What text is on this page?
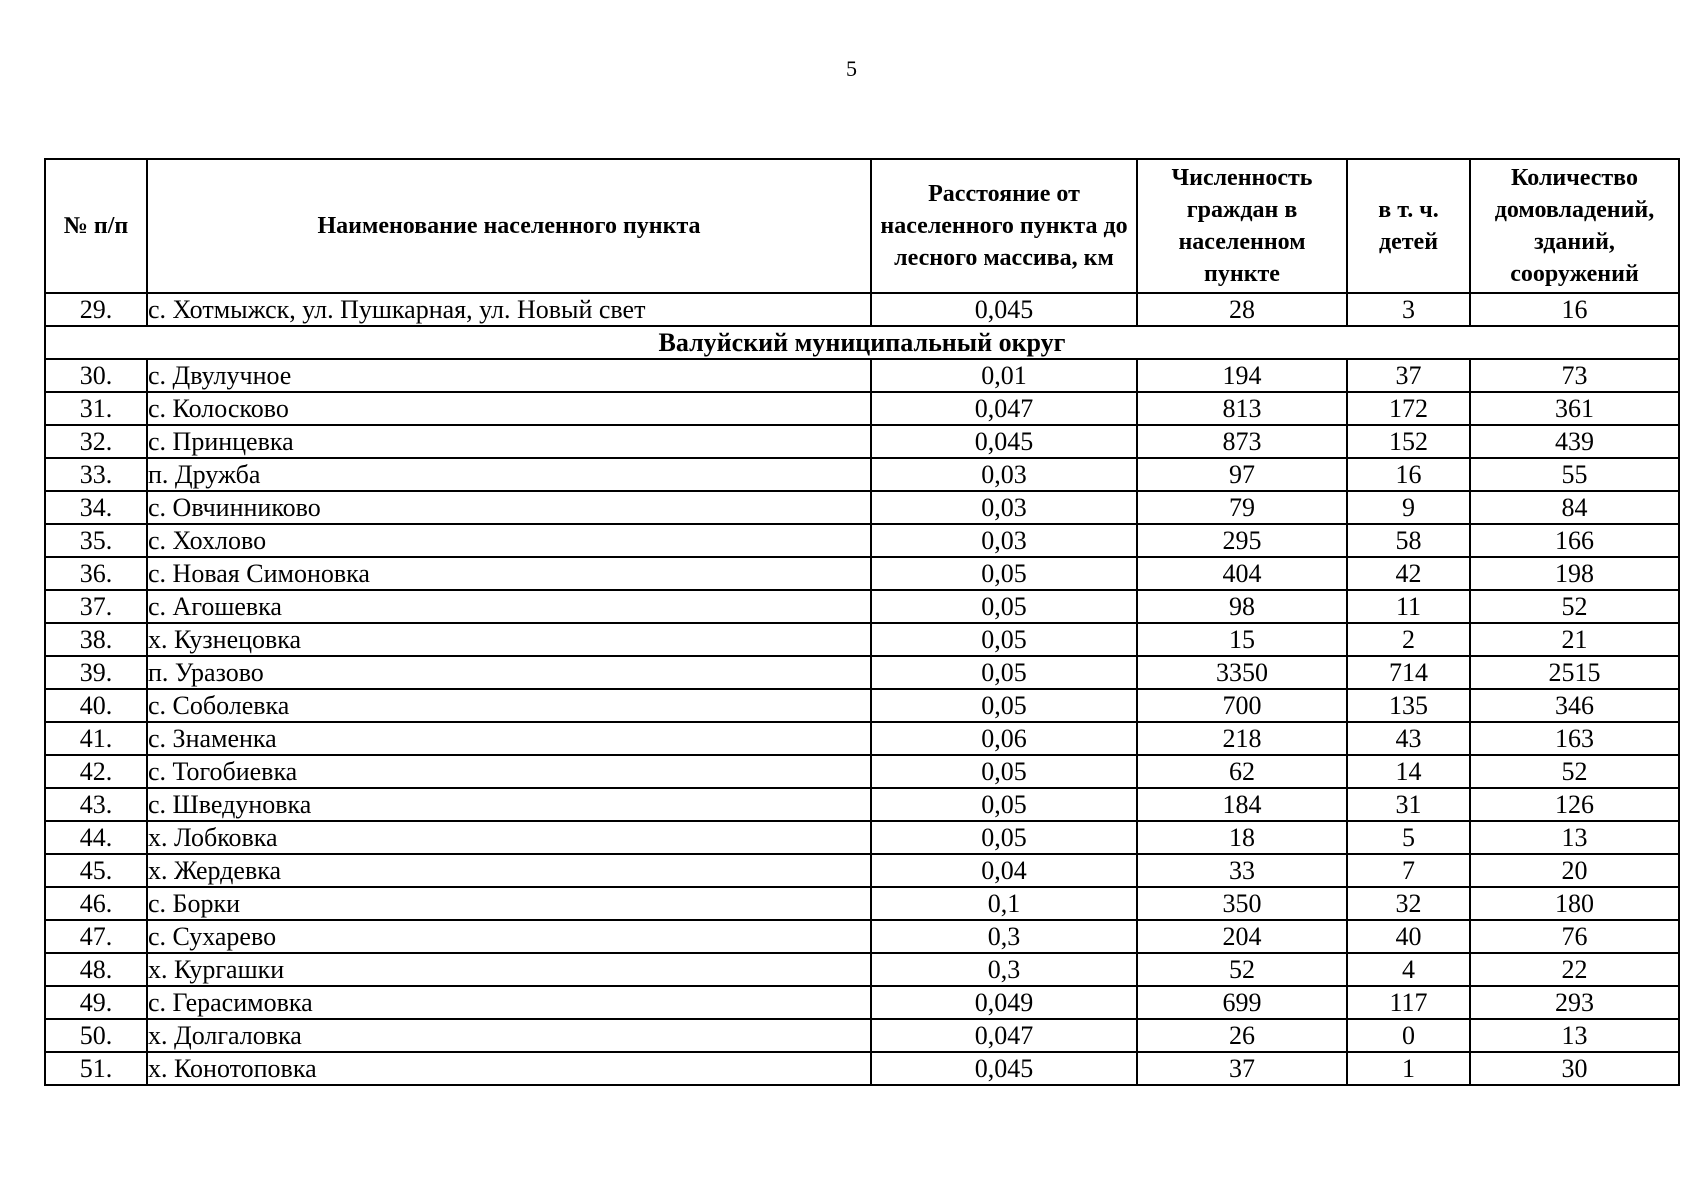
5
№ п/п	Наименование населенного пункта	Расстояние от населенного пункта до лесного массива, км	Численность граждан в населенном пункте	в т. ч. детей	Количество домовладений, зданий, сооружений
29.	с. Хотмыжск, ул. Пушкарная, ул. Новый свет	0,045	28	3	16
Валуйский муниципальный округ					
30.	с. Двулучное	0,01	194	37	73
31.	с. Колосково	0,047	813	172	361
32.	с. Принцевка	0,045	873	152	439
33.	п. Дружба	0,03	97	16	55
34.	с. Овчинниково	0,03	79	9	84
35.	с. Хохлово	0,03	295	58	166
36.	с. Новая Симоновка	0,05	404	42	198
37.	с. Агошевка	0,05	98	11	52
38.	х. Кузнецовка	0,05	15	2	21
39.	п. Уразово	0,05	3350	714	2515
40.	с. Соболевка	0,05	700	135	346
41.	с. Знаменка	0,06	218	43	163
42.	с. Тогобиевка	0,05	62	14	52
43.	с. Шведуновка	0,05	184	31	126
44.	х. Лобковка	0,05	18	5	13
45.	х. Жердевка	0,04	33	7	20
46.	с. Борки	0,1	350	32	180
47.	с. Сухарево	0,3	204	40	76
48.	х. Кургашки	0,3	52	4	22
49.	с. Герасимовка	0,049	699	117	293
50.	х. Долгаловка	0,047	26	0	13
51.	х. Конотоповка	0,045	37	1	30
